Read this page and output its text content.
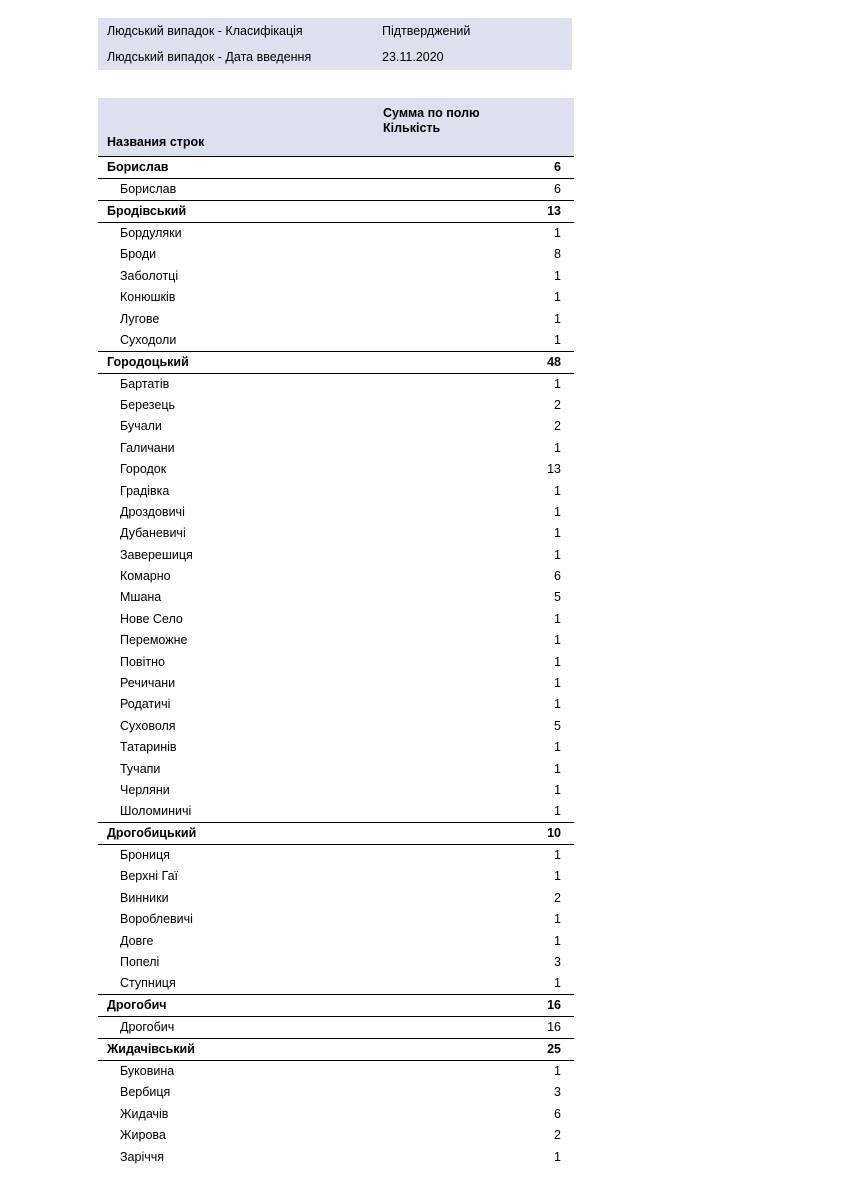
Людський випадок - Класифікація	Підтверджений
Людський випадок - Дата введення	23.11.2020
Названия строк	Сумма по полю
Кількість

Борислав	6
Борислав	6
Бродівський	13
Бордуляки	1
Броди	8
Заболотці	1
Конюшків	1
Лугове	1
Суходоли	1
Городоцький	48
Бартатів	1
Березець	2
Бучали	2
Галичани	1
Городок	13
Градівка	1
Дроздовичі	1
Дубаневичі	1
Заверешиця	1
Комарно	6
Мшана	5
Нове Село	1
Переможне	1
Повітно	1
Речичани	1
Родатичі	1
Суховоля	5
Татаринів	1
Тучапи	1
Черляни	1
Шоломиничі	1
Дрогобицький	10
Брониця	1
Верхні Гаї	1
Винники	2
Вороблевичі	1
Довге	1
Попелі	3
Ступниця	1
Дрогобич	16
Дрогобич	16
Жидачівський	25
Буковина	1
Вербиця	3
Жидачів	6
Жирова	2
Заріччя	1
